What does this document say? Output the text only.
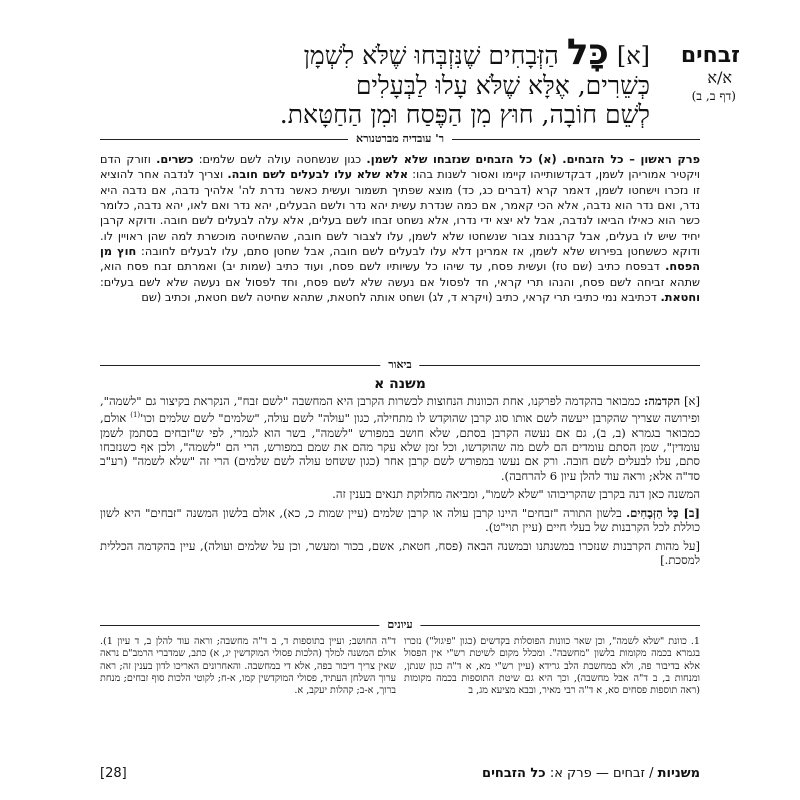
זבחים
א/א
(דף ב, ב)

[א] כָּל הַזְּבָחִים שֶׁנִּזְבְּחוּ שֶׁלֹּא לִשְׁמָן

כְּשֵׁרִים, אֶלָּא שֶׁלֹּא עָלוּ לַבְּעָלִים

לְשֵׁם חוֹבָה, חוּץ מִן הַפֶּסַח וּמִן הַחַטָּאת.

ר' עובדיה מברטנורא
פרק ראשון – כל הזבחים. (א) כל הזבחים שנזבחו שלא לשמן. כגון שנשחטה עולה לשם שלמים: כשרים. וזורק הדם ויקטיר אמוריהן לשמן, דבקדשותייהו קיימו ואסור לשנות בהו: אלא שלא עלו לבעלים לשם חובה. וצריך לנדבה אחר להוציא זו נזכרו וישחטו לשמן, דאמר קרא (דברים כג, כד) מוצא שפתיך תשמור ועשית כאשר נדרת לה' אלהיך נדבה, אם נדבה היא נדר, ואם נדר הוא נדבה, אלא הכי קאמר, אם כמה שנדרת עשית יהא נדר ולשם הבעלים, יהא נדר ואם לאו, יהא נדבה, כלומר כשר הוא כאילו הביאו לנדבה, אבל לא יצא ידי נדרו, אלא נשחט זבחו לשם בעלים, אלא עלה לבעלים לשם חובה. ודוקא קרבן יחיד שיש לו בעלים, אבל קרבנות צבור שנשחטו שלא לשמן, עלו לצבור לשם חובה, שהשחיטה מוכשרת למה שהן ראויין לו. ודוקא כששחטן בפירוש שלא לשמן, אז אמרינן דלא עלו לבעלים לשם חובה, אבל שחטן סתם, עלו לבעלים לחובה: חוץ מן הפסח. דבפסח כתיב (שם טז) ועשית פסח, עד שיהו כל עשיותיו לשם פסח, ועוד כתיב (שמות יב) ואמרתם זבח פסח הוא, שתהא זביחה לשם פסח, והנהו תרי קראי, חד לפסול אם נעשה שלא לשם פסח, וחד לפסול אם נעשה שלא לשם בעלים: וחטאת. דכתיבא נמי כתיבי תרי קראי, כתיב (ויקרא ד, לג) ושחט אותה לחטאת, שתהא שחיטה לשם חטאת, וכתיב (שם
ביאור
משנה א

[א] הקדמה: כמבואר בהקדמה לפרקנו, אחת הכוונות הנחוצות לכשרות הקרבן היא המחשבה "לשם זבח", הנקראת בקיצור גם "לשמה", ופירושה שצריך שהקרבן ייעשה לשם אותו סוג קרבן שהוקדש לו מתחילה, כגון "עולה" לשם עולה, "שלמים" לשם שלמים $וכו'^{(1)}$ אולם, כמבואר בגמרא (ב, ב), גם אם נעשה הקרבן בסתם, שלא חושב במפורש "לשמה", בשר הוא לגמרי, לפי ש"זבחים בסתמן לשמן עומדין", שמן הסתם עומדים הם לשם מה שהוקדשו, וכל זמן שלא עקר מהם את שמם במפורש, הרי הם "לשמה", ולכן אף כשנזבחו סתם, עלו לבעלים לשם חובה. ורק אם נעשו במפורש לשם קרבן אחר (כגון ששחט עולה לשם שלמים) הרי זה "שלא לשמה" (רע"ב סד"ה אלא; וראה עוד להלן עיון 6 להרחבה).

המשנה כאן דנה בקרבן שהקריבוהו "שלא לשמו", ומביאה מחלוקת תנאים בענין זה.

[ב] כָּל הַזְּבָחִים. בלשון התורה "זבחים" היינו קרבן עולה או קרבן שלמים (עיין שמות כ, כא), אולם בלשון המשנה "זבחים" היא לשון כוללת לכל הקרבנות של בעלי חיים (עיין תוי"ט).

[על מהות הקרבנות שנזכרו במשנתנו ובמשנה הבאה (פסח, חטאת, אשם, בכור ומעשר, וכן על שלמים ועולה), עיין בהקדמה הכללית למסכת.]

עיונים
1. כוונת "שלא לשמה", וכן שאר כוונות הפוסלות בקדשים (כגון "פיגול") נזכרו בגמרא בכמה מקומות בלשון "מחשבה". ומכלל מקום לשיטת רש"י אין הפסול אלא בדיבור פה, ולא במחשבת הלב גרידא (עיין רש"י מא, א ד"ה כגון שנתן, ומנחות ב, ב ד"ה אבל מחשבה), וכך היא גם שיטת התוספות בכמה מקומות (ראה תוספות פסחים סא, א ד"ה רבי מאיר, ובבא מציעא מג, ב
ד"ה החושב; ועיין בתוספות ד, ב ד"ה מחשבה; וראה עוד להלן ב, ד עיון 1). אולם המשנה למלך (הלכות פסולי המוקדשין יג, א) כתב, שמדברי הרמב"ם נראה שאין צריך דיבור בפה, אלא די במחשבה. והאחרונים האריכו לדון בענין זה; ראה ערוך השלחן העתיד, פסולי המוקדשין קמו, א-ח; לקוטי הלכות סוף זבחים; מנחת ברוך, א-ב; קהלות יעקב, א.
משניות / זבחים — פרק א: כל הזבחים
[28]
